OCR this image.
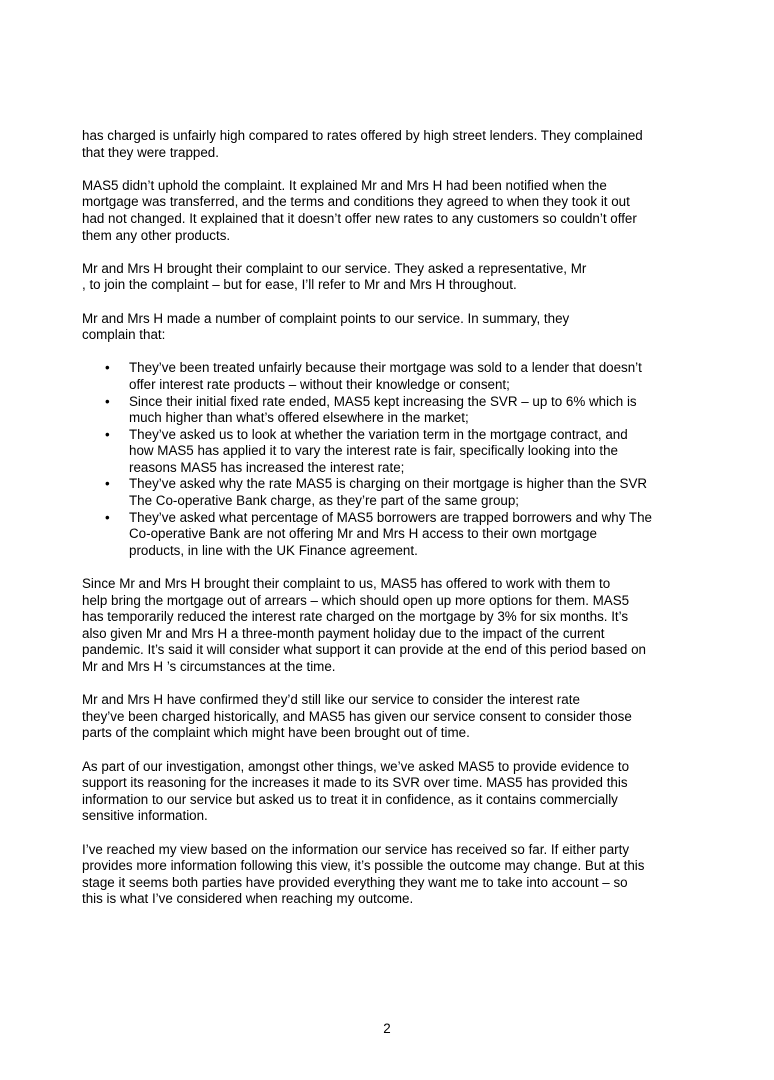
has charged is unfairly high compared to rates offered by high street lenders. They complained
that they were trapped.

MAS5 didn’t uphold the complaint. It explained Mr and Mrs H had been notified when the
mortgage was transferred, and the terms and conditions they agreed to when they took it out
had not changed. It explained that it doesn’t offer new rates to any customers so couldn’t offer
them any other products.

Mr and Mrs H brought their complaint to our service. They asked a representative, Mr
, to join the complaint – but for ease, I’ll refer to Mr and Mrs H throughout.

Mr and Mrs H made a number of complaint points to our service. In summary, they
complain that:

• They’ve been treated unfairly because their mortgage was sold to a lender that doesn’t
offer interest rate products – without their knowledge or consent;
• Since their initial fixed rate ended, MAS5 kept increasing the SVR – up to 6% which is
much higher than what’s offered elsewhere in the market;
• They’ve asked us to look at whether the variation term in the mortgage contract, and
how MAS5 has applied it to vary the interest rate is fair, specifically looking into the
reasons MAS5 has increased the interest rate;
• They’ve asked why the rate MAS5 is charging on their mortgage is higher than the SVR
The Co-operative Bank charge, as they’re part of the same group;
• They’ve asked what percentage of MAS5 borrowers are trapped borrowers and why The
Co-operative Bank are not offering Mr and Mrs H access to their own mortgage
products, in line with the UK Finance agreement.

Since Mr and Mrs H brought their complaint to us, MAS5 has offered to work with them to
help bring the mortgage out of arrears – which should open up more options for them. MAS5
has temporarily reduced the interest rate charged on the mortgage by 3% for six months. It’s
also given Mr and Mrs H a three-month payment holiday due to the impact of the current
pandemic. It’s said it will consider what support it can provide at the end of this period based on
Mr and Mrs H ’s circumstances at the time.

Mr and Mrs H have confirmed they’d still like our service to consider the interest rate
they’ve been charged historically, and MAS5 has given our service consent to consider those
parts of the complaint which might have been brought out of time.

As part of our investigation, amongst other things, we’ve asked MAS5 to provide evidence to
support its reasoning for the increases it made to its SVR over time. MAS5 has provided this
information to our service but asked us to treat it in confidence, as it contains commercially
sensitive information.

I’ve reached my view based on the information our service has received so far. If either party
provides more information following this view, it’s possible the outcome may change. But at this
stage it seems both parties have provided everything they want me to take into account – so
this is what I’ve considered when reaching my outcome.

2
